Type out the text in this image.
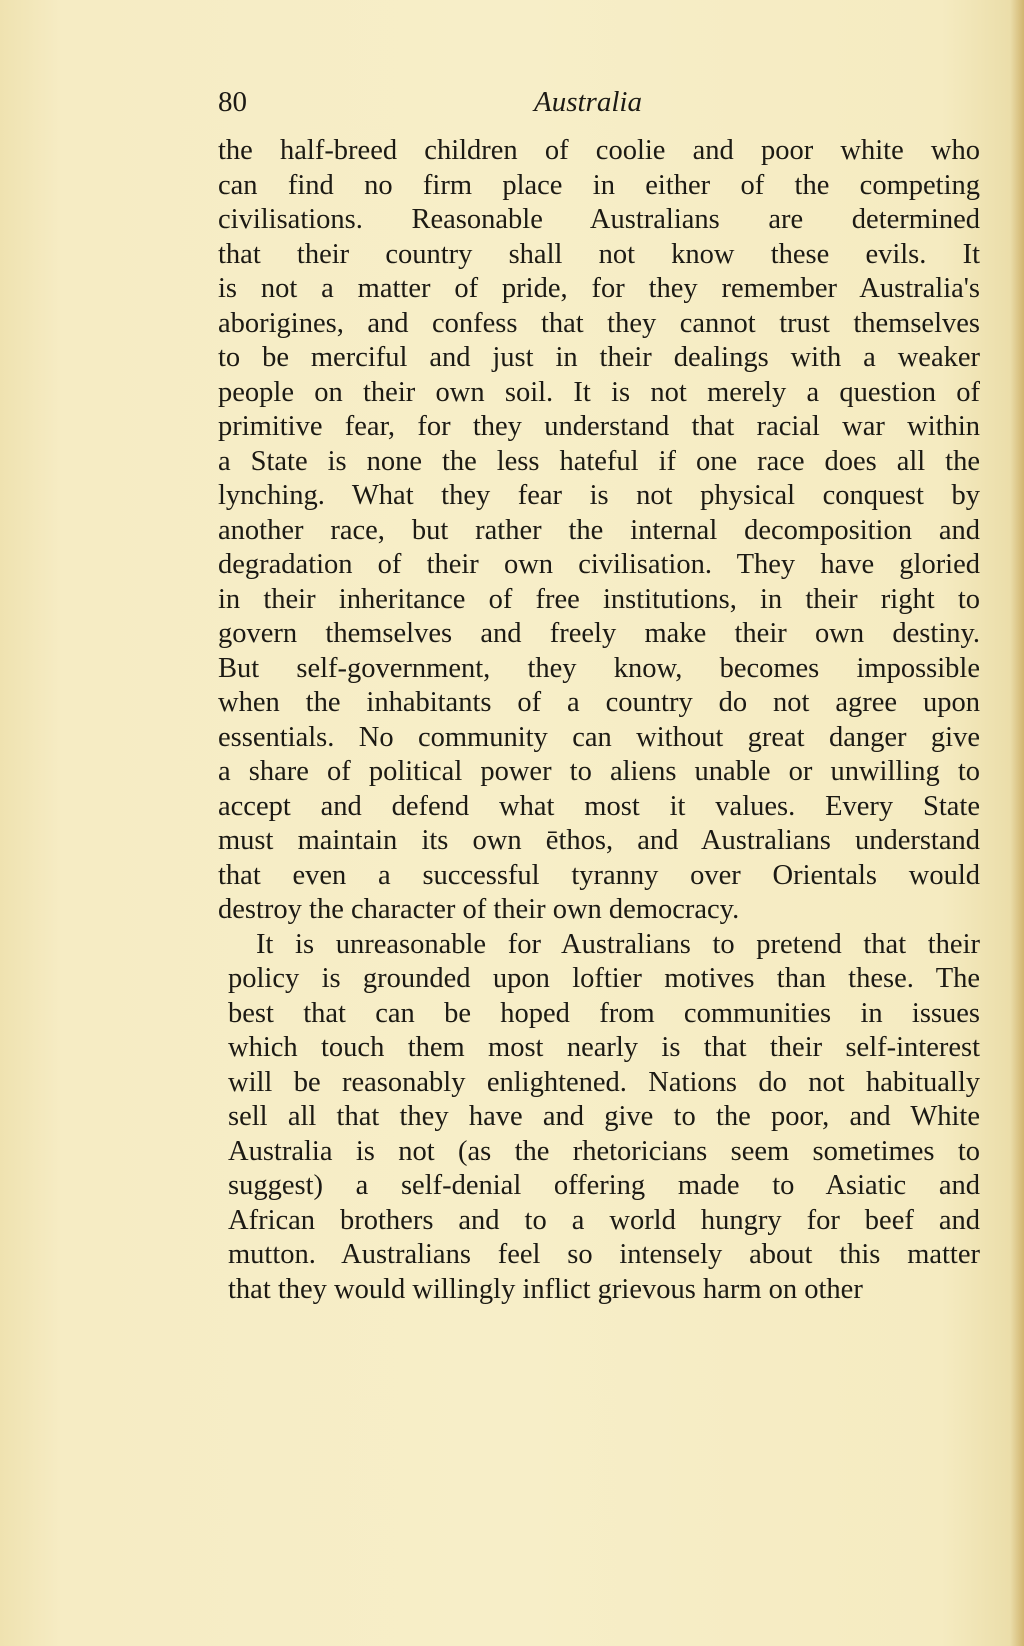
80	Australia
the half-breed children of coolie and poor white who
can find no firm place in either of the competing
civilisations. Reasonable Australians are determined
that their country shall not know these evils. It
is not a matter of pride, for they remember Australia's
aborigines, and confess that they cannot trust themselves
to be merciful and just in their dealings with a weaker
people on their own soil. It is not merely a question of
primitive fear, for they understand that racial war within
a State is none the less hateful if one race does all the
lynching. What they fear is not physical conquest by
another race, but rather the internal decomposition and
degradation of their own civilisation. They have gloried
in their inheritance of free institutions, in their right to
govern themselves and freely make their own destiny.
But self-government, they know, becomes impossible
when the inhabitants of a country do not agree upon
essentials. No community can without great danger give
a share of political power to aliens unable or unwilling to
accept and defend what most it values. Every State
must maintain its own ēthos, and Australians understand
that even a successful tyranny over Orientals would
destroy the character of their own democracy.
It is unreasonable for Australians to pretend that their
policy is grounded upon loftier motives than these. The
best that can be hoped from communities in issues
which touch them most nearly is that their self-interest
will be reasonably enlightened. Nations do not habitually
sell all that they have and give to the poor, and White
Australia is not (as the rhetoricians seem sometimes to
suggest) a self-denial offering made to Asiatic and
African brothers and to a world hungry for beef and
mutton. Australians feel so intensely about this matter
that they would willingly inflict grievous harm on other
